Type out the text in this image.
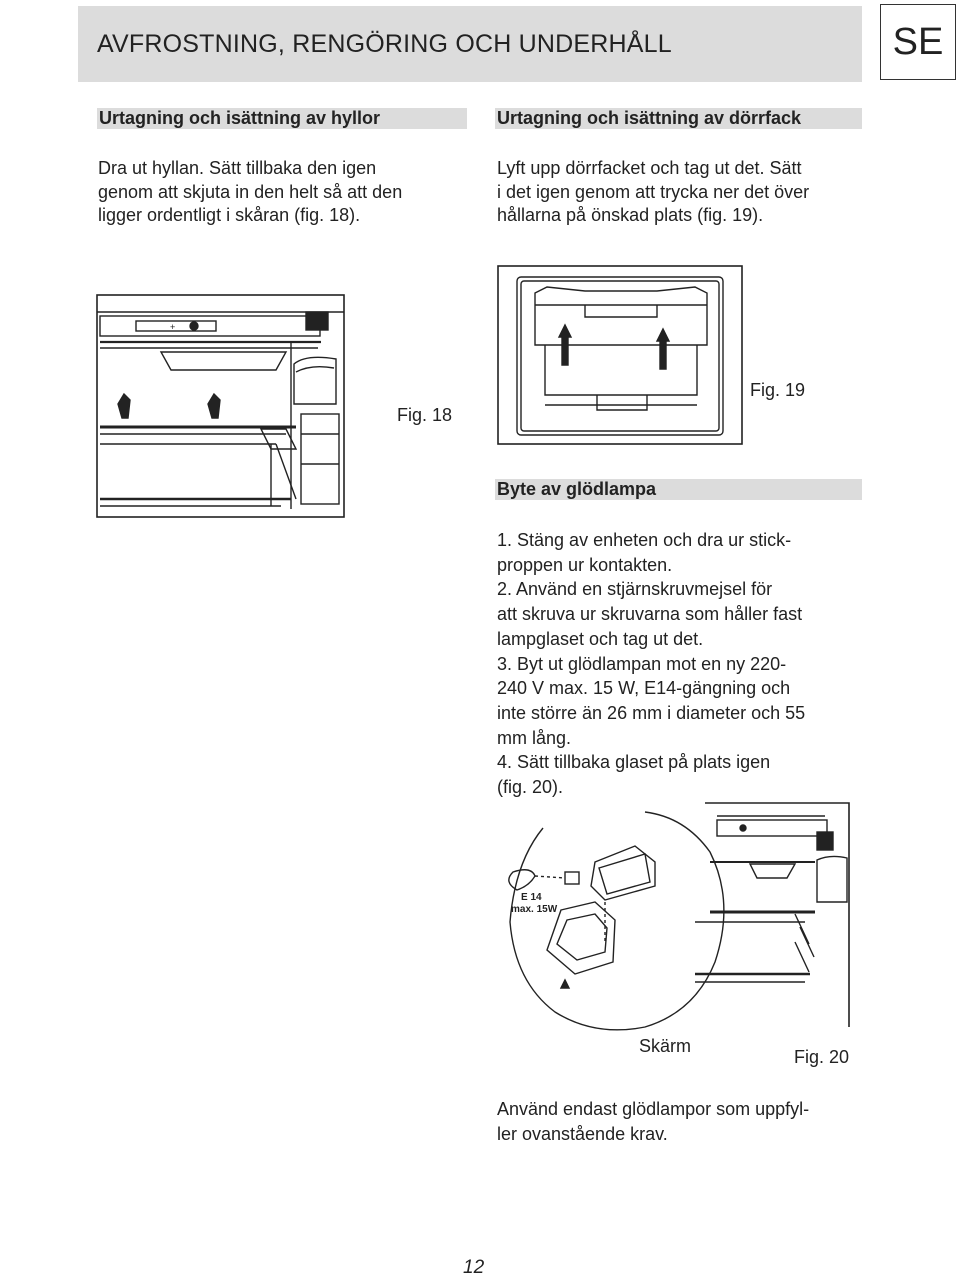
AVFROSTNING, RENGÖRING OCH UNDERHÅLL	SE
Urtagning och isättning av hyllor
Dra ut hyllan. Sätt tillbaka den igen
genom att skjuta in den helt så att den
ligger ordentligt i skåran (fig. 18).
Urtagning och isättning av dörrfack
Lyft upp dörrfacket och tag ut det. Sätt
i det igen genom att trycka ner det över
hållarna på önskad plats (fig. 19).
+
Fig. 18
Fig. 19
Byte av glödlampa
1. Stäng av enheten och dra ur stick-
proppen ur kontakten.
2. Använd en stjärnskruvmejsel för
att skruva ur skruvarna som håller fast
lampglaset och tag ut det.
3. Byt ut glödlampan mot en ny 220-
240 V max. 15 W, E14-gängning och
inte större än 26 mm i diameter och 55
mm lång.
4. Sätt tillbaka glaset på plats igen
(fig. 20).
E 14
max. 15W
Skärm
Fig. 20
Använd endast glödlampor som uppfyl-
ler ovanstående krav.
12
